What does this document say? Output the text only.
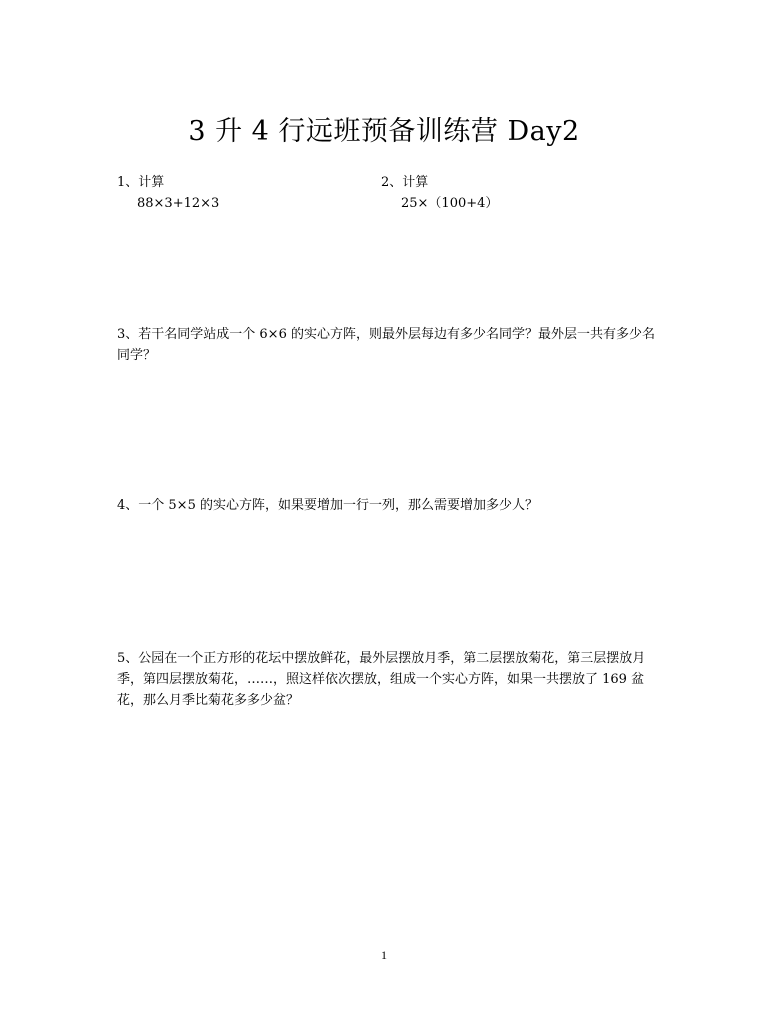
3 升 4 行远班预备训练营 Day2
1、计算
88×3+12×3
2、计算
25×（100+4）
3、若干名同学站成一个 6×6 的实心方阵，则最外层每边有多少名同学？最外层一共有多少名同学？
4、一个 5×5 的实心方阵，如果要增加一行一列，那么需要增加多少人？
5、公园在一个正方形的花坛中摆放鲜花，最外层摆放月季，第二层摆放菊花，第三层摆放月季，第四层摆放菊花，……，照这样依次摆放，组成一个实心方阵，如果一共摆放了 169 盆花，那么月季比菊花多多少盆？
1
